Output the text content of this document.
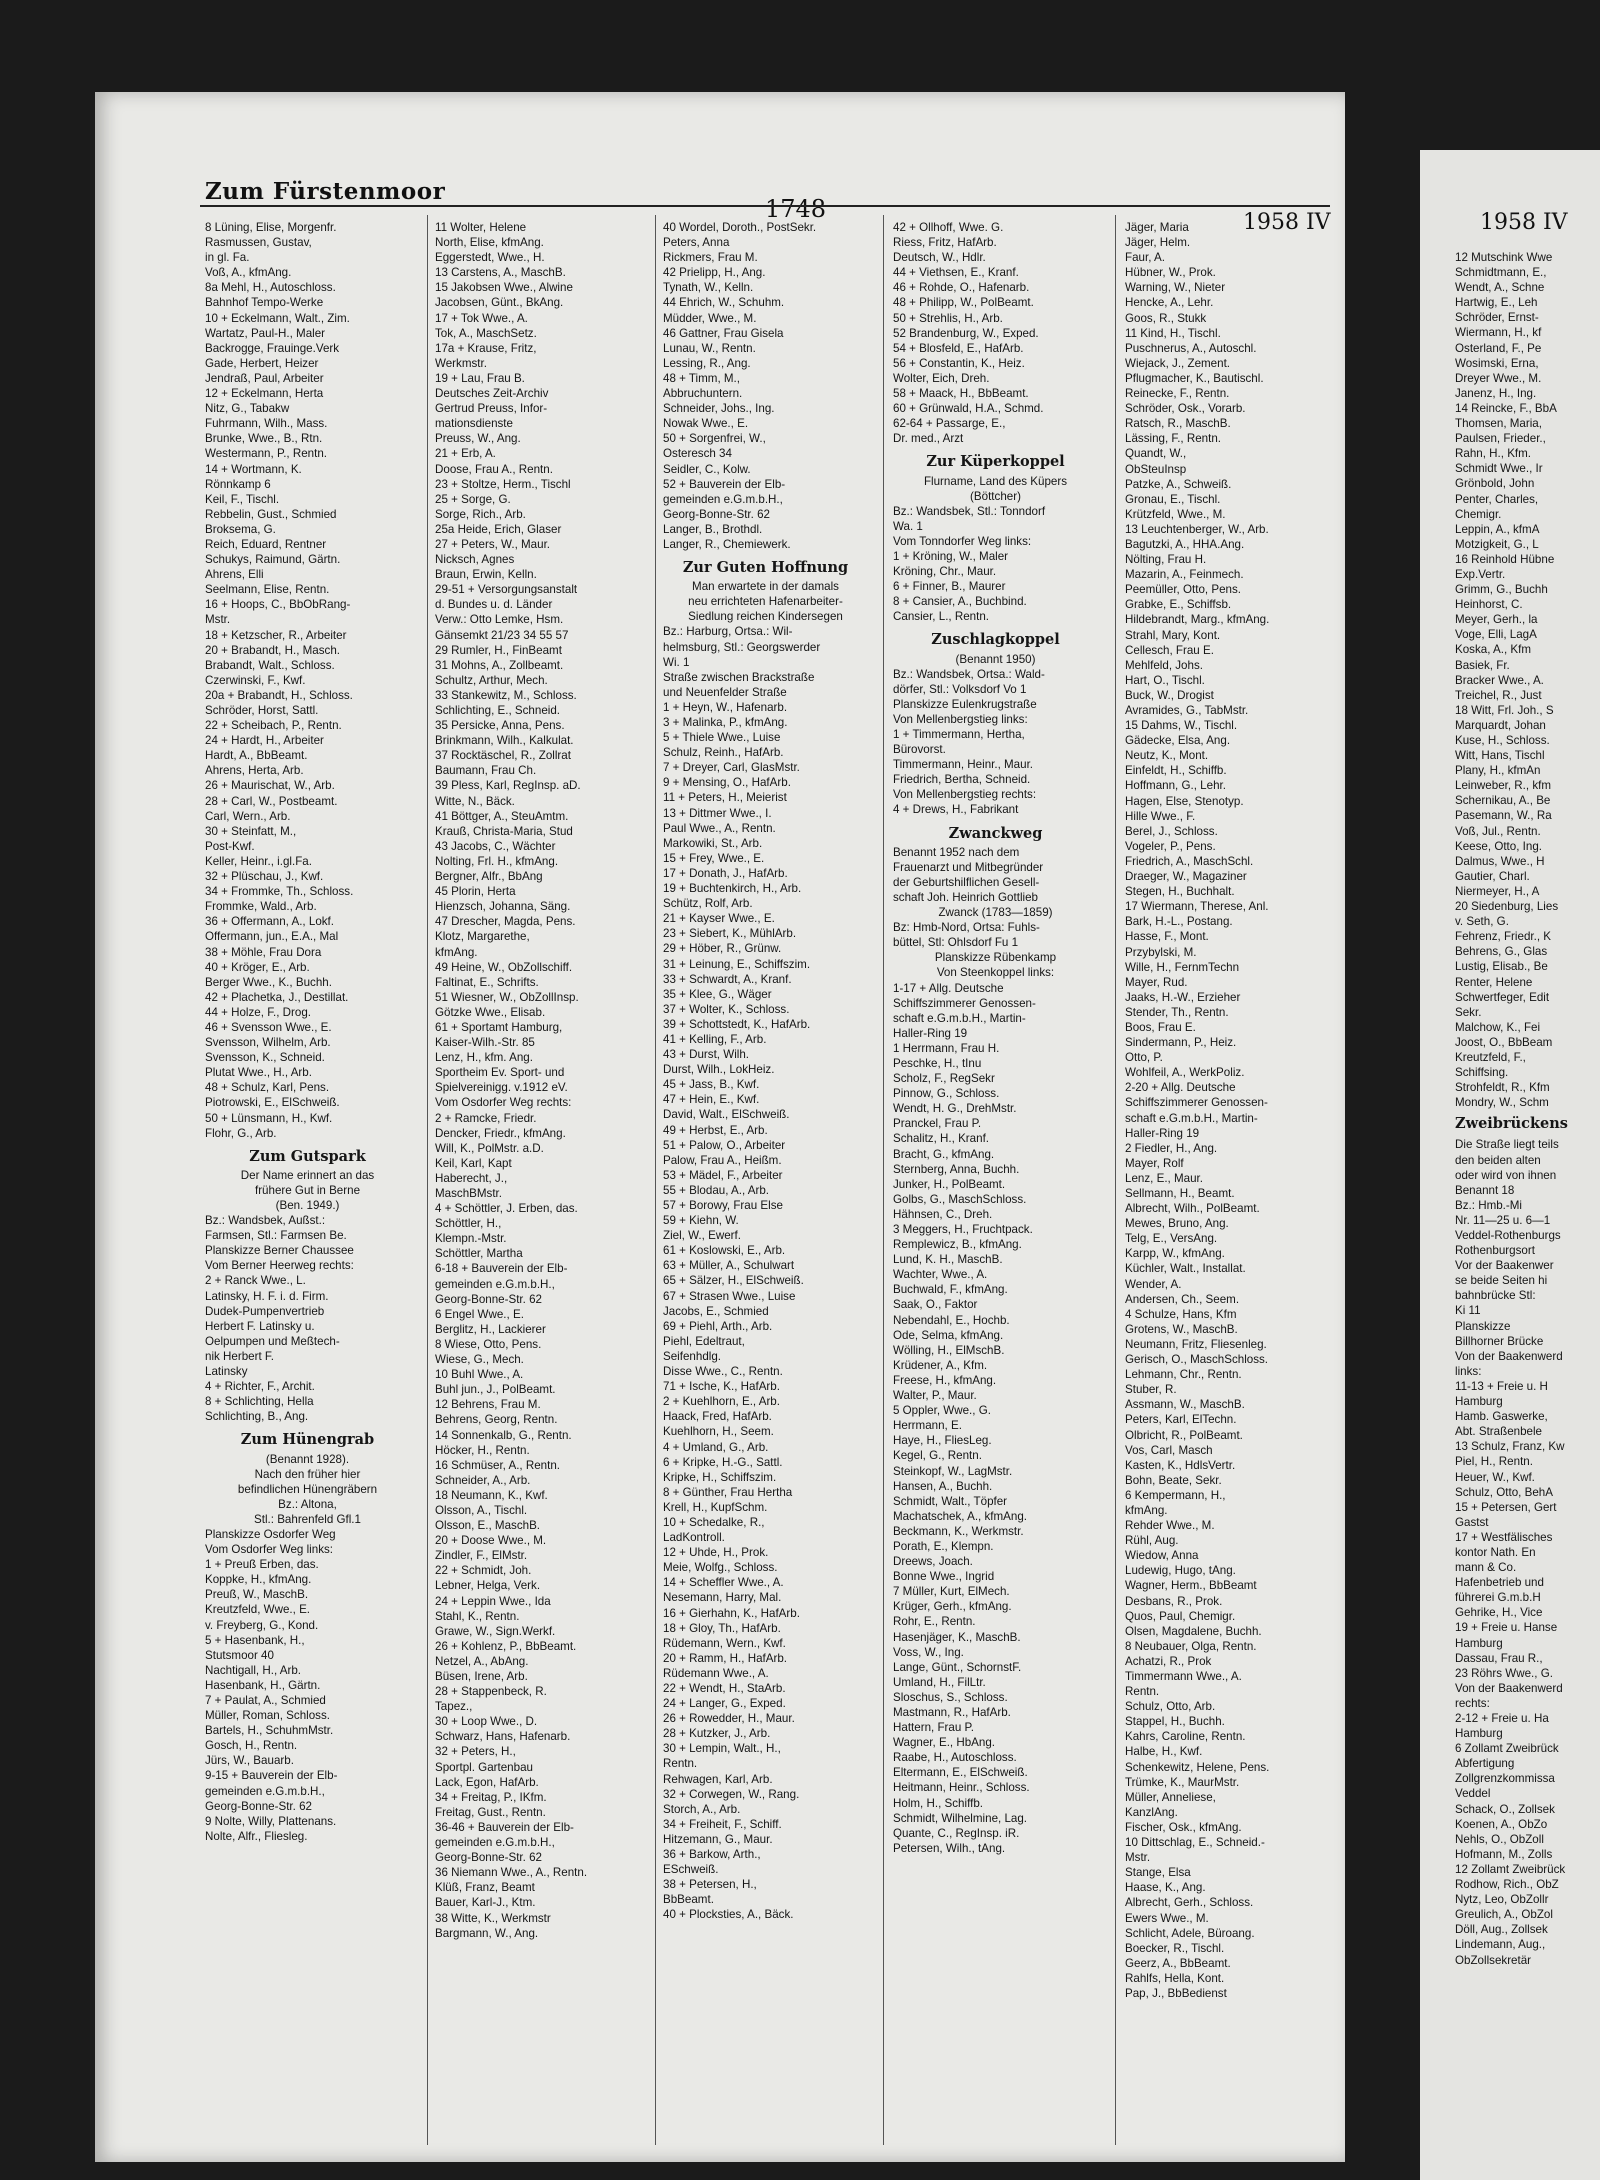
Zum Fürstenmoor
1748	1958 IV
8 Lüning, Elise, Morgenfr.
Rasmussen, Gustav,
in gl. Fa.
Voß, A., kfmAng.
8a Mehl, H., Autoschloss.
Bahnhof Tempo-Werke
10 + Eckelmann, Walt., Zim.
Wartatz, Paul-H., Maler
Backrogge, Frauinge.Verk
Gade, Herbert, Heizer
Jendraß, Paul, Arbeiter
12 + Eckelmann, Herta
Nitz, G., Tabakw
Fuhrmann, Wilh., Mass.
Brunke, Wwe., B., Rtn.
Westermann, P., Rentn.
14 + Wortmann, K.
Rönnkamp 6
Keil, F., Tischl.
Rebbelin, Gust., Schmied
Broksema, G.
Reich, Eduard, Rentner
Schukys, Raimund, Gärtn.
Ahrens, Elli
Seelmann, Elise, Rentn.
16 + Hoops, C., BbObRang-
Mstr.
18 + Ketzscher, R., Arbeiter
20 + Brabandt, H., Masch.
Brabandt, Walt., Schloss.
Czerwinski, F., Kwf.
20a + Brabandt, H., Schloss.
Schröder, Horst, Sattl.
22 + Scheibach, P., Rentn.
24 + Hardt, H., Arbeiter
Hardt, A., BbBeamt.
Ahrens, Herta, Arb.
26 + Maurischat, W., Arb.
28 + Carl, W., Postbeamt.
Carl, Wern., Arb.
30 + Steinfatt, M.,
Post-Kwf.
Keller, Heinr., i.gl.Fa.
32 + Plüschau, J., Kwf.
34 + Frommke, Th., Schloss.
Frommke, Wald., Arb.
36 + Offermann, A., Lokf.
Offermann, jun., E.A., Mal
38 + Möhle, Frau Dora
40 + Kröger, E., Arb.
Berger Wwe., K., Buchh.
42 + Plachetka, J., Destillat.
44 + Holze, F., Drog.
46 + Svensson Wwe., E.
Svensson, Wilhelm, Arb.
Svensson, K., Schneid.
Plutat Wwe., H., Arb.
48 + Schulz, Karl, Pens.
Piotrowski, E., ElSchweiß.
50 + Lünsmann, H., Kwf.
Flohr, G., Arb.
Zum Gutspark
Der Name erinnert an das
frühere Gut in Berne
(Ben. 1949.)
Bz.: Wandsbek, Außst.:
Farmsen, Stl.: Farmsen Be.
Planskizze Berner Chaussee
Vom Berner Heerweg rechts:
2 + Ranck Wwe., L.
Latinsky, H. F. i. d. Firm.
Dudek-Pumpenvertrieb
Herbert F. Latinsky u.
Oelpumpen und Meßtech-
nik Herbert F.
Latinsky
4 + Richter, F., Archit.
8 + Schlichting, Hella
Schlichting, B., Ang.
Zum Hünengrab
(Benannt 1928).
Nach den früher hier
befindlichen Hünengräbern
Bz.: Altona,
Stl.: Bahrenfeld Gfl.1
Planskizze Osdorfer Weg
Vom Osdorfer Weg links:
1 + Preuß Erben, das.
Koppke, H., kfmAng.
Preuß, W., MaschB.
Kreutzfeld, Wwe., E.
v. Freyberg, G., Kond.
5 + Hasenbank, H.,
Stutsmoor 40
Nachtigall, H., Arb.
Hasenbank, H., Gärtn.
7 + Paulat, A., Schmied
Müller, Roman, Schloss.
Bartels, H., SchuhmMstr.
Gosch, H., Rentn.
Jürs, W., Bauarb.
9-15 + Bauverein der Elb-
gemeinden e.G.m.b.H.,
Georg-Bonne-Str. 62
9 Nolte, Willy, Plattenans.
Nolte, Alfr., Fliesleg.
11 Wolter, Helene
North, Elise, kfmAng.
Eggerstedt, Wwe., H.
13 Carstens, A., MaschB.
15 Jakobsen Wwe., Alwine
Jacobsen, Günt., BkAng.
17 + Tok Wwe., A.
Tok, A., MaschSetz.
17a + Krause, Fritz,
Werkmstr.
19 + Lau, Frau B.
Deutsches Zeit-Archiv
Gertrud Preuss, Infor-
mationsdienste
Preuss, W., Ang.
21 + Erb, A.
Doose, Frau A., Rentn.
23 + Stoltze, Herm., Tischl
25 + Sorge, G.
Sorge, Rich., Arb.
25a Heide, Erich, Glaser
27 + Peters, W., Maur.
Nicksch, Agnes
Braun, Erwin, Kelln.
29-51 + Versorgungsanstalt
d. Bundes u. d. Länder
Verw.: Otto Lemke, Hsm.
Gänsemkt 21/23 34 55 57
29 Rumler, H., FinBeamt
31 Mohns, A., Zollbeamt.
Schultz, Arthur, Mech.
33 Stankewitz, M., Schloss.
Schlichting, E., Schneid.
35 Persicke, Anna, Pens.
Brinkmann, Wilh., Kalkulat.
37 Rocktäschel, R., Zollrat
Baumann, Frau Ch.
39 Pless, Karl, RegInsp. aD.
Witte, N., Bäck.
41 Böttger, A., SteuAmtm.
Krauß, Christa-Maria, Stud
43 Jacobs, C., Wächter
Nolting, Frl. H., kfmAng.
Bergner, Alfr., BbAng
45 Plorin, Herta
Hienzsch, Johanna, Säng.
47 Drescher, Magda, Pens.
Klotz, Margarethe,
kfmAng.
49 Heine, W., ObZollschiff.
Faltinat, E., Schrifts.
51 Wiesner, W., ObZollInsp.
Götzke Wwe., Elisab.
61 + Sportamt Hamburg,
Kaiser-Wilh.-Str. 85
Lenz, H., kfm. Ang.
Sportheim Ev. Sport- und
Spielvereinigg. v.1912 eV.
Vom Osdorfer Weg rechts:
2 + Ramcke, Friedr.
Dencker, Friedr., kfmAng.
Will, K., PolMstr. a.D.
Keil, Karl, Kapt
Haberecht, J.,
MaschBMstr.
4 + Schöttler, J. Erben, das.
Schöttler, H.,
Klempn.-Mstr.
Schöttler, Martha
6-18 + Bauverein der Elb-
gemeinden e.G.m.b.H.,
Georg-Bonne-Str. 62
6 Engel Wwe., E.
Berglitz, H., Lackierer
8 Wiese, Otto, Pens.
Wiese, G., Mech.
10 Buhl Wwe., A.
Buhl jun., J., PolBeamt.
12 Behrens, Frau M.
Behrens, Georg, Rentn.
14 Sonnenkalb, G., Rentn.
Höcker, H., Rentn.
16 Schmüser, A., Rentn.
Schneider, A., Arb.
18 Neumann, K., Kwf.
Olsson, A., Tischl.
Olsson, E., MaschB.
20 + Doose Wwe., M.
Zindler, F., ElMstr.
22 + Schmidt, Joh.
Lebner, Helga, Verk.
24 + Leppin Wwe., Ida
Stahl, K., Rentn.
Grawe, W., Sign.Werkf.
26 + Kohlenz, P., BbBeamt.
Netzel, A., AbAng.
Büsen, Irene, Arb.
28 + Stappenbeck, R.
Tapez.,
30 + Loop Wwe., D.
Schwarz, Hans, Hafenarb.
32 + Peters, H.,
Sportpl. Gartenbau
Lack, Egon, HafArb.
34 + Freitag, P., IKfm.
Freitag, Gust., Rentn.
36-46 + Bauverein der Elb-
gemeinden e.G.m.b.H.,
Georg-Bonne-Str. 62
36 Niemann Wwe., A., Rentn.
Klüß, Franz, Beamt
Bauer, Karl-J., Ktm.
38 Witte, K., Werkmstr
Bargmann, W., Ang.
40 Wordel, Doroth., PostSekr.
Peters, Anna
Rickmers, Frau M.
42 Prielipp, H., Ang.
Tynath, W., Kelln.
44 Ehrich, W., Schuhm.
Müdder, Wwe., M.
46 Gattner, Frau Gisela
Lunau, W., Rentn.
Lessing, R., Ang.
48 + Timm, M.,
Abbruchuntern.
Schneider, Johs., Ing.
Nowak Wwe., E.
50 + Sorgenfrei, W.,
Osteresch 34
Seidler, C., Kolw.
52 + Bauverein der Elb-
gemeinden e.G.m.b.H.,
Georg-Bonne-Str. 62
Langer, B., Brothdl.
Langer, R., Chemiewerk.
Zur Guten Hoffnung
Man erwartete in der damals
neu errichteten Hafenarbeiter-
Siedlung reichen Kindersegen
Bz.: Harburg, Ortsa.: Wil-
helmsburg, Stl.: Georgswerder
Wi. 1
Straße zwischen Brackstraße
und Neuenfelder Straße
1 + Heyn, W., Hafenarb.
3 + Malinka, P., kfmAng.
5 + Thiele Wwe., Luise
Schulz, Reinh., HafArb.
7 + Dreyer, Carl, GlasMstr.
9 + Mensing, O., HafArb.
11 + Peters, H., Meierist
13 + Dittmer Wwe., I.
Paul Wwe., A., Rentn.
Markowiki, St., Arb.
15 + Frey, Wwe., E.
17 + Donath, J., HafArb.
19 + Buchtenkirch, H., Arb.
Schütz, Rolf, Arb.
21 + Kayser Wwe., E.
23 + Siebert, K., MühlArb.
29 + Höber, R., Grünw.
31 + Leinung, E., Schiffszim.
33 + Schwardt, A., Kranf.
35 + Klee, G., Wäger
37 + Wolter, K., Schloss.
39 + Schottstedt, K., HafArb.
41 + Kelling, F., Arb.
43 + Durst, Wilh.
Durst, Wilh., LokHeiz.
45 + Jass, B., Kwf.
47 + Hein, E., Kwf.
David, Walt., ElSchweiß.
49 + Herbst, E., Arb.
51 + Palow, O., Arbeiter
Palow, Frau A., Heißm.
53 + Mädel, F., Arbeiter
55 + Blodau, A., Arb.
57 + Borowy, Frau Else
59 + Kiehn, W.
Ziel, W., Ewerf.
61 + Koslowski, E., Arb.
63 + Müller, A., Schulwart
65 + Sälzer, H., ElSchweiß.
67 + Strasen Wwe., Luise
Jacobs, E., Schmied
69 + Piehl, Arth., Arb.
Piehl, Edeltraut,
Seifenhdlg.
Disse Wwe., C., Rentn.
71 + Ische, K., HafArb.
2 + Kuehlhorn, E., Arb.
Haack, Fred, HafArb.
Kuehlhorn, H., Seem.
4 + Umland, G., Arb.
6 + Kripke, H.-G., Sattl.
Kripke, H., Schiffszim.
8 + Günther, Frau Hertha
Krell, H., KupfSchm.
10 + Schedalke, R.,
LadKontroll.
12 + Uhde, H., Prok.
Meie, Wolfg., Schloss.
14 + Scheffler Wwe., A.
Nesemann, Harry, Mal.
16 + Gierhahn, K., HafArb.
18 + Gloy, Th., HafArb.
Rüdemann, Wern., Kwf.
20 + Ramm, H., HafArb.
Rüdemann Wwe., A.
22 + Wendt, H., StaArb.
24 + Langer, G., Exped.
26 + Rowedder, H., Maur.
28 + Kutzker, J., Arb.
30 + Lempin, Walt., H.,
Rentn.
Rehwagen, Karl, Arb.
32 + Corwegen, W., Rang.
Storch, A., Arb.
34 + Freiheit, F., Schiff.
Hitzemann, G., Maur.
36 + Barkow, Arth.,
ESchweiß.
38 + Petersen, H.,
BbBeamt.
40 + Plocksties, A., Bäck.
42 + Ollhoff, Wwe. G.
Riess, Fritz, HafArb.
Deutsch, W., Hdlr.
44 + Viethsen, E., Kranf.
46 + Rohde, O., Hafenarb.
48 + Philipp, W., PolBeamt.
50 + Strehlis, H., Arb.
52 Brandenburg, W., Exped.
54 + Blosfeld, E., HafArb.
56 + Constantin, K., Heiz.
Wolter, Eich, Dreh.
58 + Maack, H., BbBeamt.
60 + Grünwald, H.A., Schmd.
62-64 + Passarge, E.,
Dr. med., Arzt
Zur Küperkoppel
Flurname, Land des Küpers
(Böttcher)
Bz.: Wandsbek, Stl.: Tonndorf
Wa. 1
Vom Tonndorfer Weg links:
1 + Kröning, W., Maler
Kröning, Chr., Maur.
6 + Finner, B., Maurer
8 + Cansier, A., Buchbind.
Cansier, L., Rentn.
Zuschlagkoppel
(Benannt 1950)
Bz.: Wandsbek, Ortsa.: Wald-
dörfer, Stl.: Volksdorf Vo 1
Planskizze Eulenkrugstraße
Von Mellenbergstieg links:
1 + Timmermann, Hertha,
Bürovorst.
Timmermann, Heinr., Maur.
Friedrich, Bertha, Schneid.
Von Mellenbergstieg rechts:
4 + Drews, H., Fabrikant
Zwanckweg
Benannt 1952 nach dem
Frauenarzt und Mitbegründer
der Geburtshilflichen Gesell-
schaft Joh. Heinrich Gottlieb
Zwanck (1783—1859)
Bz: Hmb-Nord, Ortsa: Fuhls-
büttel, Stl: Ohlsdorf Fu 1
Planskizze Rübenkamp
Von Steenkoppel links:
1-17 + Allg. Deutsche
Schiffszimmerer Genossen-
schaft e.G.m.b.H., Martin-
Haller-Ring 19
1 Herrmann, Frau H.
Peschke, H., tInu
Scholz, F., RegSekr
Pinnow, G., Schloss.
Wendt, H. G., DrehMstr.
Pranckel, Frau P.
Schalitz, H., Kranf.
Bracht, G., kfmAng.
Sternberg, Anna, Buchh.
Junker, H., PolBeamt.
Golbs, G., MaschSchloss.
Hähnsen, C., Dreh.
3 Meggers, H., Fruchtpack.
Remplewicz, B., kfmAng.
Lund, K. H., MaschB.
Wachter, Wwe., A.
Buchwald, F., kfmAng.
Saak, O., Faktor
Nebendahl, E., Hochb.
Ode, Selma, kfmAng.
Wölling, H., ElMschB.
Krüdener, A., Kfm.
Freese, H., kfmAng.
Walter, P., Maur.
5 Oppler, Wwe., G.
Herrmann, E.
Haye, H., FliesLeg.
Kegel, G., Rentn.
Steinkopf, W., LagMstr.
Hansen, A., Buchh.
Schmidt, Walt., Töpfer
Machatschek, A., kfmAng.
Beckmann, K., Werkmstr.
Porath, E., Klempn.
Dreews, Joach.
Bonne Wwe., Ingrid
7 Müller, Kurt, ElMech.
Krüger, Gerh., kfmAng.
Rohr, E., Rentn.
Hasenjäger, K., MaschB.
Voss, W., Ing.
Lange, Günt., SchornstF.
Umland, H., FilLtr.
Sloschus, S., Schloss.
Mastmann, R., HafArb.
Hattern, Frau P.
Wagner, E., HbAng.
Raabe, H., Autoschloss.
Eltermann, E., ElSchweiß.
Heitmann, Heinr., Schloss.
Holm, H., Schiffb.
Schmidt, Wilhelmine, Lag.
Quante, C., RegInsp. iR.
Petersen, Wilh., tAng.
Jäger, Maria
Jäger, Helm.
Faur, A.
Hübner, W., Prok.
Warning, W., Nieter
Hencke, A., Lehr.
Goos, R., Stukk
11 Kind, H., Tischl.
Puschnerus, A., Autoschl.
Wiejack, J., Zement.
Pflugmacher, K., Bautischl.
Reinecke, F., Rentn.
Schröder, Osk., Vorarb.
Ratsch, R., MaschB.
Lässing, F., Rentn.
Quandt, W.,
ObSteuInsp
Patzke, A., Schweiß.
Gronau, E., Tischl.
Krützfeld, Wwe., M.
13 Leuchtenberger, W., Arb.
Bagutzki, A., HHA.Ang.
Nölting, Frau H.
Mazarin, A., Feinmech.
Peemüller, Otto, Pens.
Grabke, E., Schiffsb.
Hildebrandt, Marg., kfmAng.
Strahl, Mary, Kont.
Cellesch, Frau E.
Mehlfeld, Johs.
Hart, O., Tischl.
Buck, W., Drogist
Avramides, G., TabMstr.
15 Dahms, W., Tischl.
Gädecke, Elsa, Ang.
Neutz, K., Mont.
Einfeldt, H., Schiffb.
Hoffmann, G., Lehr.
Hagen, Else, Stenotyp.
Hille Wwe., F.
Berel, J., Schloss.
Vogeler, P., Pens.
Friedrich, A., MaschSchl.
Draeger, W., Magaziner
Stegen, H., Buchhalt.
17 Wiermann, Therese, Anl.
Bark, H.-L., Postang.
Hasse, F., Mont.
Przybylski, M.
Wille, H., FernmTechn
Mayer, Rud.
Jaaks, H.-W., Erzieher
Stender, Th., Rentn.
Boos, Frau E.
Sindermann, P., Heiz.
Otto, P.
Wohlfeil, A., WerkPoliz.
2-20 + Allg. Deutsche
Schiffszimmerer Genossen-
schaft e.G.m.b.H., Martin-
Haller-Ring 19
2 Fiedler, H., Ang.
Mayer, Rolf
Lenz, E., Maur.
Sellmann, H., Beamt.
Albrecht, Wilh., PolBeamt.
Mewes, Bruno, Ang.
Telg, E., VersAng.
Karpp, W., kfmAng.
Küchler, Walt., Installat.
Wender, A.
Andersen, Ch., Seem.
4 Schulze, Hans, Kfm
Grotens, W., MaschB.
Neumann, Fritz, Fliesenleg.
Gerisch, O., MaschSchloss.
Lehmann, Chr., Rentn.
Stuber, R.
Assmann, W., MaschB.
Peters, Karl, ElTechn.
Olbricht, R., PolBeamt.
Vos, Carl, Masch
Kasten, K., HdlsVertr.
Bohn, Beate, Sekr.
6 Kempermann, H.,
kfmAng.
Rehder Wwe., M.
Rühl, Aug.
Wiedow, Anna
Ludewig, Hugo, tAng.
Wagner, Herm., BbBeamt
Desbans, R., Prok.
Quos, Paul, Chemigr.
Olsen, Magdalene, Buchh.
8 Neubauer, Olga, Rentn.
Achatzi, R., Prok
Timmermann Wwe., A.
Rentn.
Schulz, Otto, Arb.
Stappel, H., Buchh.
Kahrs, Caroline, Rentn.
Halbe, H., Kwf.
Schenkewitz, Helene, Pens.
Trümke, K., MaurMstr.
Müller, Anneliese,
KanzlAng.
Fischer, Osk., kfmAng.
10 Dittschlag, E., Schneid.-
Mstr.
Stange, Elsa
Haase, K., Ang.
Albrecht, Gerh., Schloss.
Ewers Wwe., M.
Schlicht, Adele, Büroang.
Boecker, R., Tischl.
Geerz, A., BbBeamt.
Rahlfs, Hella, Kont.
Pap, J., BbBedienst
1958 IV
12 Mutschink Wwe
Schmidtmann, E.,
Wendt, A., Schne
Hartwig, E., Leh
Schröder, Ernst-
Wiermann, H., kf
Osterland, F., Pe
Wosimski, Erna,
Dreyer Wwe., M.
Janenz, H., Ing.
14 Reincke, F., BbA
Thomsen, Maria,
Paulsen, Frieder.,
Rahn, H., Kfm.
Schmidt Wwe., Ir
Grönbold, John
Penter, Charles,
Chemigr.
Leppin, A., kfmA
Motzigkeit, G., L
16 Reinhold Hübne
Exp.Vertr.
Grimm, G., Buchh
Heinhorst, C.
Meyer, Gerh., la
Voge, Elli, LagA
Koska, A., Kfm
Basiek, Fr.
Bracker Wwe., A.
Treichel, R., Just
18 Witt, Frl. Joh., S
Marquardt, Johan
Kuse, H., Schloss.
Witt, Hans, Tischl
Plany, H., kfmAn
Leinweber, R., kfm
Schernikau, A., Be
Pasemann, W., Ra
Voß, Jul., Rentn.
Keese, Otto, Ing.
Dalmus, Wwe., H
Gautier, Charl.
Niermeyer, H., A
20 Siedenburg, Lies
v. Seth, G.
Fehrenz, Friedr., K
Behrens, G., Glas
Lustig, Elisab., Be
Renter, Helene
Schwertfeger, Edit
Sekr.
Malchow, K., Fei
Joost, O., BbBeam
Kreutzfeld, F.,
Schiffsing.
Strohfeldt, R., Kfm
Mondry, W., Schm
Zweibrückens
Die Straße liegt teils
den beiden alten
oder wird von ihnen
Benannt 18
Bz.: Hmb.-Mi
Nr. 11—25 u. 6—1
Veddel-Rothenburgs
Rothenburgsort
Vor der Baakenwer
se beide Seiten hi
bahnbrücke Stl:
Ki 11
Planskizze
Billhorner Brücke
Von der Baakenwerd
links:
11-13 + Freie u. H
Hamburg
Hamb. Gaswerke,
Abt. Straßenbele
13 Schulz, Franz, Kw
Piel, H., Rentn.
Heuer, W., Kwf.
Schulz, Otto, BehA
15 + Petersen, Gert
Gastst
17 + Westfälisches
kontor Nath. En
mann & Co.
Hafenbetrieb und
führerei G.m.b.H
Gehrike, H., Vice
19 + Freie u. Hanse
Hamburg
Dassau, Frau R.,
23 Röhrs Wwe., G.
Von der Baakenwerd
rechts:
2-12 + Freie u. Ha
Hamburg
6 Zollamt Zweibrück
Abfertigung
Zollgrenzkommissa
Veddel
Schack, O., Zollsek
Koenen, A., ObZo
Nehls, O., ObZoll
Hofmann, M., Zolls
12 Zollamt Zweibrück
Rodhow, Rich., ObZ
Nytz, Leo, ObZollr
Greulich, A., ObZol
Döll, Aug., Zollsek
Lindemann, Aug.,
ObZollsekretär
